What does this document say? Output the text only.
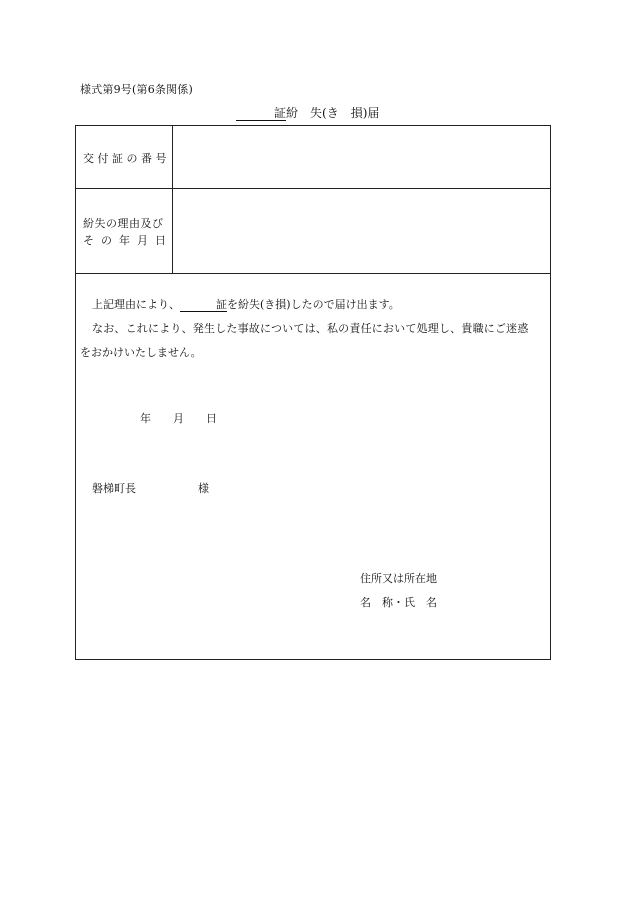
様式第9号(第6条関係)
証紛　失(き　損)届
交付証の番号
紛失の理由及び
その年月日
上記理由により、	証を紛失(き損)したので届け出ます。
なお、これにより、発生した事故については、私の責任において処理し、貴職にご迷惑
をおかけいたしません。
年　　月　　日
磐梯町長	様
住所又は所在地
名　称・氏　名
